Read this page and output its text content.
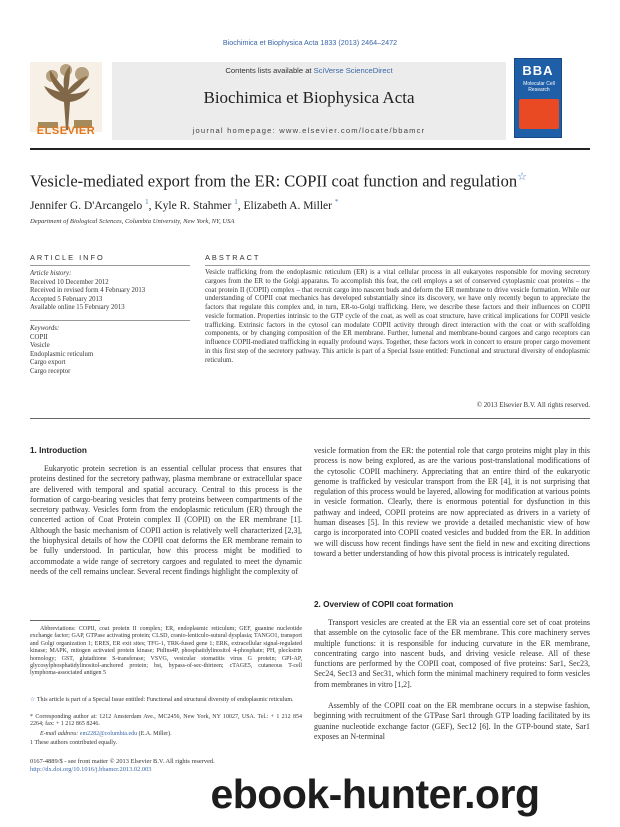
Biochimica et Biophysica Acta 1833 (2013) 2464–2472
ELSEVIER
Contents lists available at SciVerse ScienceDirect
Biochimica et Biophysica Acta
journal homepage: www.elsevier.com/locate/bbamcr
BBA
Molecular Cell Research
Vesicle-mediated export from the ER: COPII coat function and regulation☆
Jennifer G. D'Arcangelo $^1$, Kyle R. Stahmer $^1$, Elizabeth A. Miller *
Department of Biological Sciences, Columbia University, New York, NY, USA
ARTICLE INFO
Article history:
Received 10 December 2012
Received in revised form 4 February 2013
Accepted 5 February 2013
Available online 15 February 2013
Keywords:
COPII
Vesicle
Endoplasmic reticulum
Cargo export
Cargo receptor
ABSTRACT
Vesicle trafficking from the endoplasmic reticulum (ER) is a vital cellular process in all eukaryotes responsible for moving secretory cargoes from the ER to the Golgi apparatus. To accomplish this feat, the cell employs a set of conserved cytoplasmic coat proteins – the coat protein II (COPII) complex – that recruit cargo into nascent buds and deform the ER membrane to drive vesicle formation. While our understanding of COPII coat mechanics has developed substantially since its discovery, we have only recently begun to appreciate the factors that regulate this complex and, in turn, ER-to-Golgi trafficking. Here, we describe these factors and their influences on COPII vesicle formation. Properties intrinsic to the GTP cycle of the coat, as well as coat structure, have critical implications for COPII vesicle trafficking. Extrinsic factors in the cytosol can modulate COPII activity through direct interaction with the coat or with scaffolding components, or by changing composition of the ER membrane. Further, lumenal and membrane-bound cargoes and cargo receptors can influence COPII-mediated trafficking in equally profound ways. Together, these factors work in concert to ensure proper cargo movement in this first step of the secretory pathway. This article is part of a Special Issue entitled: Functional and structural diversity of endoplasmic reticulum.
© 2013 Elsevier B.V. All rights reserved.
1. Introduction
Eukaryotic protein secretion is an essential cellular process that ensures that proteins destined for the secretory pathway, plasma membrane or extracellular space are delivered with temporal and spatial accuracy. Central to this process is the formation of cargo-bearing vesicles that ferry proteins between compartments of the secretory pathway. Vesicles form from the endoplasmic reticulum (ER) through the concerted action of Coat Protein complex II (COPII) on the ER membrane [1]. Although the basic mechanism of COPII action is relatively well characterized [2,3], the biophysical details of how the COPII coat deforms the ER membrane remain to be fully understood. In particular, how this process might be modified to accommodate a wide range of secretory cargoes and regulated to meet the dynamic needs of the cell remains unclear. Several recent findings highlight the complexity of
Abbreviations: COPII, coat protein II complex; ER, endoplasmic reticulum; GEF, guanine nucleotide exchange factor; GAP, GTPase activating protein; CLSD, cranio-lenticulo-sutural dysplasia; TANGO1, transport and Golgi organization 1; ERES, ER exit sites; TFG-1, TRK-fused gene 1; ERK, extracellular signal-regulated kinase; MAPK, mitogen activated protein kinase; PtdIns4P, phosphatidylinositol 4-phosphate; PH, pleckstrin homology; GST, glutathione S-transferase; VSVG, vesicular stomatitis virus G protein; GPI-AP, glycosylphosphatidylinositol-anchored protein; bst, bypass-of-sec-thirteen; cTAGE5, cutaneous T-cell lymphoma-associated antigen 5
☆ This article is part of a Special Issue entitled: Functional and structural diversity of endoplasmic reticulum.
* Corresponding author at: 1212 Amsterdam Ave., MC2456, New York, NY 10027, USA. Tel.: + 1 212 854 2264; fax: + 1 212 865 8246.
E-mail address: em2282@columbia.edu (E.A. Miller).
1 These authors contributed equally.
vesicle formation from the ER: the potential role that cargo proteins might play in this process is now being explored, as are the various post-translational modifications of the cytosolic COPII machinery. Appreciating that an entire third of the eukaryotic genome is trafficked by vesicular transport from the ER [4], it is not surprising that regulation of this process would be layered, allowing for modification at various points in vesicle formation. Clearly, there is enormous potential for dysfunction in this pathway and indeed, COPII proteins are now appreciated as drivers in a variety of human diseases [5]. In this review we provide a detailed mechanistic view of how cargo is incorporated into COPII coated vesicles and budded from the ER. In addition we will discuss how recent findings have sent the field in new and exciting directions toward a better understanding of how this pivotal process is intricately regulated.
2. Overview of COPII coat formation
Transport vesicles are created at the ER via an essential core set of coat proteins that assemble on the cytosolic face of the ER membrane. This core machinery serves multiple functions: it is responsible for inducing curvature in the ER membrane, concentrating cargo into nascent buds, and driving vesicle release. All of these functions are performed by the COPII coat, composed of five proteins: Sar1, Sec23, Sec24, Sec13 and Sec31, which form the minimal machinery required to form vesicles from membranes in vitro [1,2].
Assembly of the COPII coat on the ER membrane occurs in a stepwise fashion, beginning with recruitment of the GTPase Sar1 through GTP loading facilitated by its guanine nucleotide exchange factor (GEF), Sec12 [6]. In the GTP-bound state, Sar1 exposes an N-terminal
0167-4889/$ - see front matter © 2013 Elsevier B.V. All rights reserved.
http://dx.doi.org/10.1016/j.bbamcr.2013.02.003
ebook-hunter.org
